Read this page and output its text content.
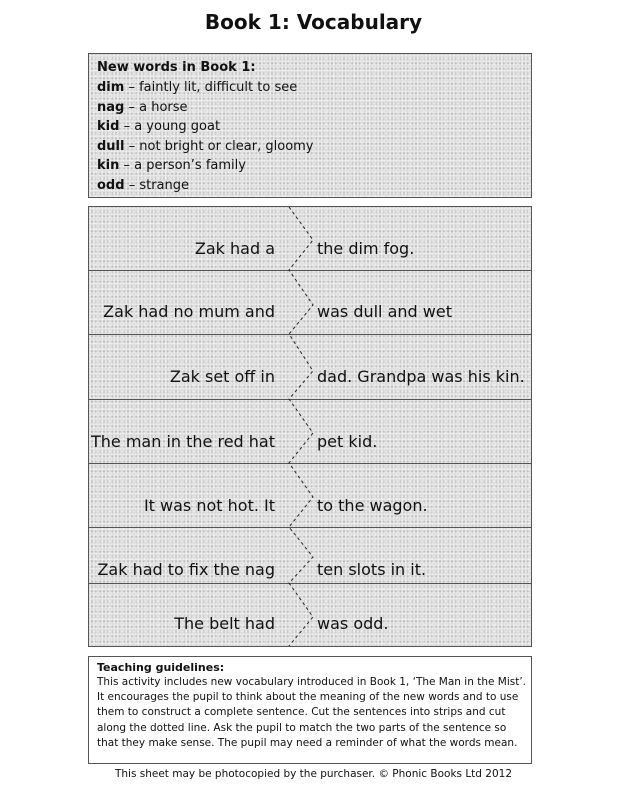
Book 1: Vocabulary
New words in Book 1:
dim – faintly lit, difficult to see
nag – a horse
kid – a young goat
dull – not bright or clear, gloomy
kin – a person’s family
odd – strange
Zak had a	the dim fog.
Zak had no mum and	was dull and wet
Zak set off in	dad. Grandpa was his kin.
The man in the red hat	pet kid.
It was not hot. It	to the wagon.
Zak had to fix the nag	ten slots in it.
The belt had	was odd.
Teaching guidelines:
This activity includes new vocabulary introduced in Book 1, ‘The Man in the Mist’.
It encourages the pupil to think about the meaning of the new words and to use
them to construct a complete sentence. Cut the sentences into strips and cut
along the dotted line. Ask the pupil to match the two parts of the sentence so
that they make sense. The pupil may need a reminder of what the words mean.
This sheet may be photocopied by the purchaser. © Phonic Books Ltd 2012
